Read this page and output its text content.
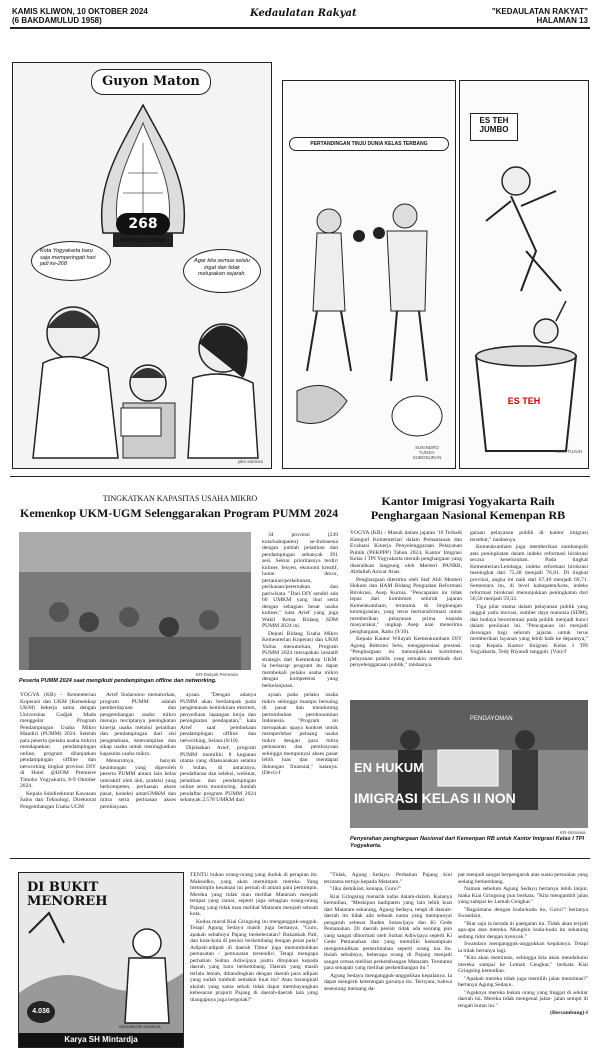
KAMIS KLIWON, 10 OKTOBER 2024
(6 BAKDAMULUD 1958)
Kedaulatan Rakyat	"KEDAULATAN RAKYAT"
HALAMAN 13
Guyon Maton
268
HUT KOTA JOGJA
Kota Yogyakarta baru saja memperingati hari jadi ke-268	Agar kita semua selalu ingat dan tidak melupakan sejarah.
joko santoso
PERTANDINGAN TINJU DUNIA KELAS TERBANG
SUKINDRO TUNJO-SUBOSURAN
ES TEH JUMBO
ES TEH
WAN TUJUH
TINGKATKAN KAPASITAS USAHA MIKRO
Kemenkop UKM-UGM Selenggarakan Program PUMM 2024
KR-Dwiyati Permana
Peserta PUMM 2024 saat mengikuti pendampingan offline dan networking.

34 provinsi (249 kota/kabupaten) se-Indonesia dengan jumlah pelatihan dan pendampingan sebanyak 391 sesi. Sektor prioritasnya terdiri kuliner, fesyen, ekonomi kreatif, home decor, pertanian/perkebunan, perikanan/peternakan dan pariwisata. "Dari DIY sendiri ada 60 UMKM yang ikut serta dengan sebagian besar usaha kuliner," kata Arief yang juga Wakil Ketua Bidang SDM PUMM 2024 ini.

Deputi Bidang Usaha Mikro Kementerian Koperasi dan UKM Yulius menuturkan, Program PUMM 2024 merupakan inisiatif strategis dari Kemenkop UKM. Ia berharap program itu dapat membekali pelaku usaha mikro dengan kompetensi yang berkelanjutan.

YOGYA (KR) - Kementerian Koperasi dan UKM (Kemenkop UKM) bekerja sama dengan Universitas Gadjah Mada menggelar Program Pendampingan Usaha Mikro Mandiri (PUMM) 2024. Setelah para peserta (pelaku usaha mikro) mendapatkan pendampingan online, program dilanjutkan pendampingan offline dan networking tingkat provinsi DIY di Hotel @HOM Premiere Timoho Yogyakarta, 8-9 Oktober 2024.

Kepala Subdirektorat Kawasan Sains dan Teknologi, Direktorat Pengembangan Usaha UGM

Arief Sudarsono menuturkan, program PUMM adalah pemberdayaan dan pengembangan usaha mikro menuju terciptanya peningkatan kinerja usaha melalui pelatihan dan pendampingan dari sisi pengetahuan, keterampilan dan sikap usaha untuk meningkatkan kapasitas usaha mikro.

Menurutnya, banyak keuntungan yang diperoleh peserta PUMM antara lain kelas interaktif oleh ahli, praktisi yang berkompeten, perluasan akses pasar, koneksi antarUMKM dan mitra serta perluasan akses pembiayaan.

ayaan. "Dengan adanya PUMM akan berdampak pada pengentasan kemiskinan ekstrem, penyediaan lapangan kerja dan peningkatan pendapatan," kata Arief saat pembukaan pendampingan offline dan networking, Selasa (8/10).

Dijelaskan Arief, program PUMM memiliki 8 kegiatan utama yang dilaksanakan selama 6 bulan, di antaranya, pendaftaran dan seleksi, webinar, pelatihan dan pendampingan online serta monitoring. Jumlah pendaftar program PUMM 2024 sebanyak 2.578 UMKM dari

ayaan pada pelaku usaha mikro sehingga mampu bersaing di pasar dan mendorong pertumbuhan perekonomian Indonesia. "Program ini merupakan upaya konkret untuk memperlebar peluang usaha mikro dengan para mitra pemasaran dan pembiayaan sehingga mempunyai akses pasar lebih luas dan mendapat dukungan finansial," katanya. (Devi)-f

Kantor Imigrasi Yogyakarta Raih Penghargaan Nasional Kemenpan RB

YOGYA (KR) - Masuk dalam jajaran '10 Terbaik Kategori Kementerian' dalam Pemantauan dan Evaluasi Kinerja Penyelenggaraan Pelayanan Publik (PEKPPP) Tahun 2024, Kantor Imigrasi Kelas I TPI Yogyakarta meraih penghargaan yang diserahkan langsung oleh Menteri PANRB, Abdullah Azwar Anas.

Penghargaan diterima oleh Staf Ahli Menteri Hukum dan HAM Bidang Penguatan Reformasi Birokrasi, Asep Kurnia. "Pencapaian ini tidak lepas dari komitmen seluruh jajaran Kemenkumham, terutama di lingkungan keimigrasian, yang terus bertransformasi untuk memberikan pelayanan prima kepada masyarakat," ungkap Asep usai menerima penghargaan, Rabu (9/10).

Kepala Kantor Wilayah Kemenkumham DIY Agung Rektono Seto, mengapresiasi prestasi. "Penghargaan ini menunjukkan komitmen pelayanan publik yang semakin membaik dari penyelenggaraan publik," tandasnya.

garaan pelayanan publik di kantor imigrasi tersebut," tandasnya.

Kemenkumham juga memberikan sumbangsih atas peningkatan dalam indeks reformasi birokrasi secara keseluruhan. Pada tingkat Kementerian/Lembaga, indeks reformasi birokrasi meningkat dari 75,48 menjadi 76,81. Di tingkat provinsi, angka ini naik dari 67,40 menjadi 69,71. Sementara itu, di level kabupaten/kota, indeks reformasi birokrasi menunjukkan peningkatan dari 56,56 menjadi 59,32.

Tiga pilar utama dalam pelayanan publik yang unggul yaitu inovasi, sumber daya manusia (SDM), dan budaya berorientasi pada publik menjadi kunci dalam penilaian ini. "Pencapaian ini menjadi dorongan bagi seluruh jajaran untuk terus memberikan layanan yang lebih baik ke depannya," ucap Kepala Kantor Imigrasi Kelas I TPI Yogyakarta, Tedy Riyandi tangguh. (Vin)-f

PENGAYOMAN
EN HUKUM
IMIGRASI KELAS II NON
KR-Istimewa
Penyerahan penghargaan Nasional dari Kemenpan RB untuk Kantor Imigrasi Kelas I TPI Yogyakarta.
DI BUKIT MENOREH
4.036
GUSTARA ERI SUDIRDJA
Karya SH Mintardja

TENTU bukan orang-orang yang duduk di perapian itu. Maksudku, yang akan memimpin mereka. Yang memimpin kesatuan ini pernah di antara para pemimpin. Mereka yang tidak mau melihat Mataram menjadi tempat yang ramai, seperti juga sebagian orang-orang Pajang yang tidak mau melihat Mataram menjadi sebuah kota.

Kedua murid Kiai Gringsing itu mengangguk-angguk. Tetapi Agung Sedayu masih juga bertanya, "Guru, apakah sebabnya Pajang berkeberatan? Bukankah Pati, dan kota-kota di pesisir berkembang dengan pesat pula? Adipati-adipati di daerah Timur juga menumbuhkan pemusatan - pemusatan tersendiri. Tetapi mengapa perhatian Sultan Adiwijaya justru ditujukan kepada daerah yang baru berkembang. Daerah yang masih terlalu lemah, dibandingkan dengan daerah para adipati yang sudah tumbuh semakin kuat itu? Atau barangkali akulah yang sama sekali tidak dapat membayangkan kebesaran prajurit Pajang di daerah-daerah lain yang diangapnya juga bergolak?"

"Tidak, Agung Sedayu. Perhatian Pajang kini terutama tertuju kepada Mataram."

"Jika demikian, kenapa, Guru?"

Kiai Gringsing menarik nafas dalam-dalam. Katanya kemudian, "Meskipun kadipaten yang lain lebih kuat dari Mataram sekarang, Agung Sedayu, tetapi di daerah-daerah itu tidak ada sebuah nama yang mempunyai pengaruh sebesar Raden Sutawijaya dan Ki Gede Pemanahan. Di daerah pesisir tidak ada seorang pun yang sangat dihormati oleh Sultan Adiwijaya seperti Ki Gede Pemanahan dan yang memiliki kemampuan mengemudikan pemerintahan seperti orang tua itu. Itulah sebabnya, beberapa orang di Pajang menjadi sangat cemas melihat perkembangan Mataram. Terutama para senapati yang melihat perkembangan itu."

Agung Sedayu mengangguk-anggukkan kepalanya. Ia dapat mengerti keterangan gurunya itu. Ternyata, bahwa seseorang memang da-

pat menjadi sangat berpengaruh atas suatu persoalan yang sedang berkembang.

Namun sebelum Agung Sedayu bertanya lebih lanjut, maka Kiai Gringsing pun berkata, "Kita mengambil jalan yang sampai ke Lemah Cengkar."

"Bagaimana dengan kuda-kuda itu, Guru?" bertanya Swandaru.

"Biar saja ia berada di pategalan itu. Tidak akan terjadi apa-apa atas mereka. Mungkin kuda-kuda itu sekarang sedang tidur dengan nyenyak."

Swandaru mengangguk-anggukkan kepalanya. Tetapi ia tidak bertanya lagi.

"Kita akan memintas, sehingga kita akan mendahului mereka sampai ke Lemah Cengkar," berkata Kiai Gringsing kemudian.

"Apakah mereka tidak juga memilih jalan memintas?" bertanya Agung Sedayu.

"Agaknya mereka bukan orang yang tinggal di sekitar daerah ini. Mereka tidak mengenal jalan- jalan sempit di tengah hutan ini."

(Bersambung)-f
